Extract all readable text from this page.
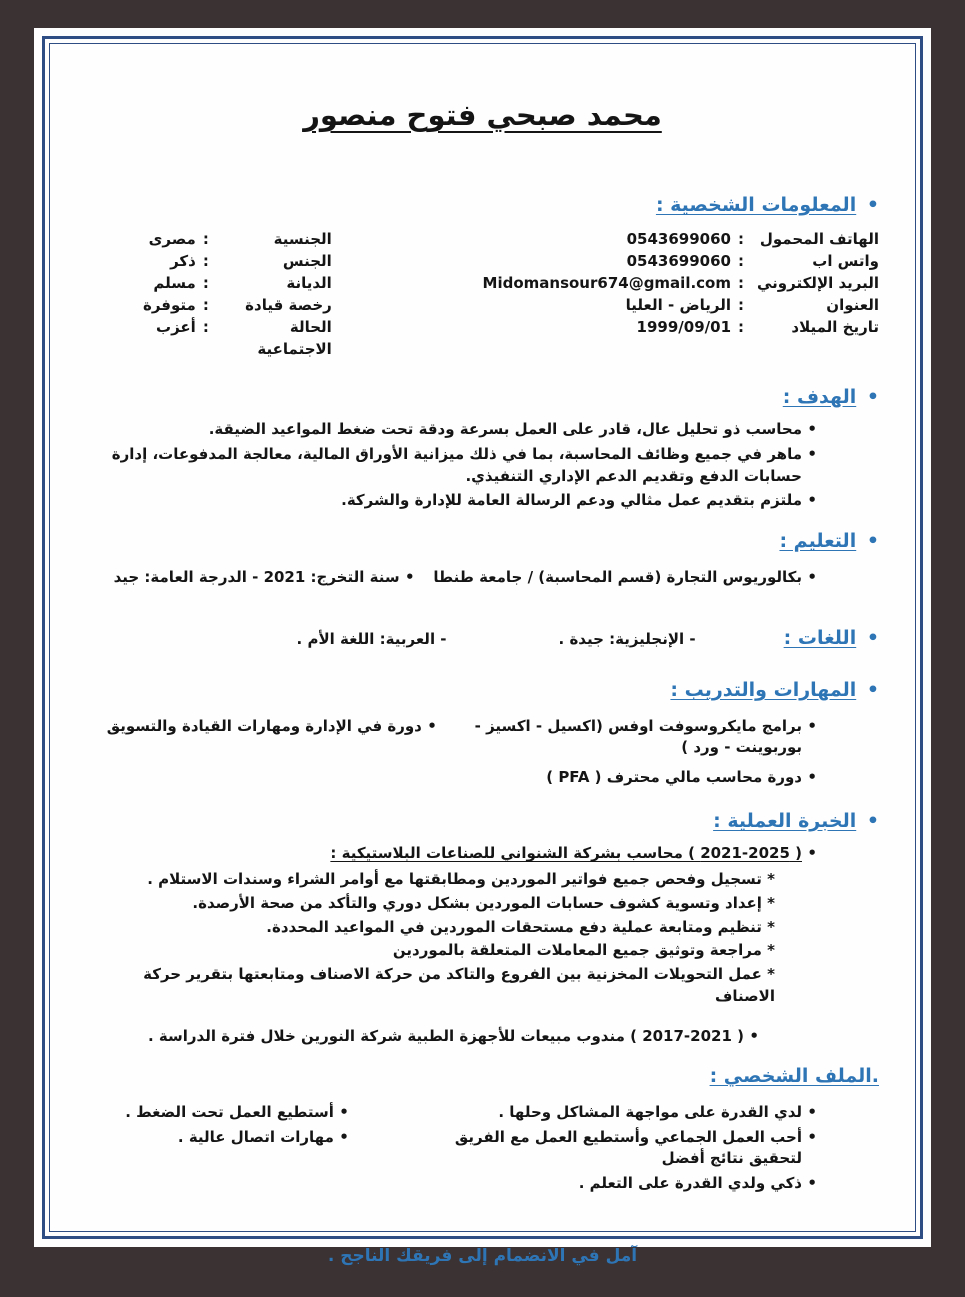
محمد صبحي فتوح منصور
• المعلومات الشخصية :
الهاتف المحمول
:
0543699060
واتس اب
:
0543699060
البريد الإلكتروني
:
Midomansour674@gmail.com
العنوان
:
الرياض - العليا
تاريخ الميلاد
:
1999/09/01
الجنسية
:
مصرى
الجنس
:
ذكر
الديانة
:
مسلم
رخصة قيادة
:
متوفرة
الحالة الاجتماعية
:
أعزب
• الهدف :
• محاسب ذو تحليل عال، قادر على العمل بسرعة ودقة تحت ضغط المواعيد الضيقة.
• ماهر في جميع وظائف المحاسبة، بما في ذلك ميزانية الأوراق المالية، معالجة المدفوعات، إدارة حسابات الدفع وتقديم الدعم الإداري التنفيذي.
• ملتزم بتقديم عمل مثالي ودعم الرسالة العامة للإدارة والشركة.
• التعليم :
• بكالوريوس التجارة (قسم المحاسبة) / جامعة طنطا
• سنة التخرج: 2021 - الدرجة العامة: جيد
• اللغات :
- الإنجليزية: جيدة .
- العربية: اللغة الأم .
• المهارات والتدريب :
• برامج مايكروسوفت اوفس (اكسيل - اكسيز - بوربوينت - ورد )
• دورة محاسب مالي محترف ( PFA )
• دورة في الإدارة ومهارات القيادة والتسويق
• الخبرة العملية :
• ( 2021-2025 ) محاسب بشركة الشنواني للصناعات البلاستيكية :
* تسجيل وفحص جميع فواتير الموردين ومطابقتها مع أوامر الشراء وسندات الاستلام .
* إعداد وتسوية كشوف حسابات الموردين بشكل دوري والتأكد من صحة الأرصدة.
* تنظيم ومتابعة عملية دفع مستحقات الموردين في المواعيد المحددة.
* مراجعة وتوثيق جميع المعاملات المتعلقة بالموردين
* عمل التحويلات المخزنية بين الفروع والتاكد من حركة الاصناف ومتابعتها بتقرير حركة الاصناف
• ( 2017-2021 ) مندوب مبيعات للأجهزة الطبية شركة النورين خلال فترة الدراسة .
.الملف الشخصي :
• لدي القدرة على مواجهة المشاكل وحلها .
• أحب العمل الجماعي وأستطيع العمل مع الفريق لتحقيق نتائج أفضل
• ذكي ولدي القدرة على التعلم .
• أستطيع العمل تحت الضغط .
• مهارات اتصال عالية .
آمل في الانضمام إلى فريقك الناجح .
